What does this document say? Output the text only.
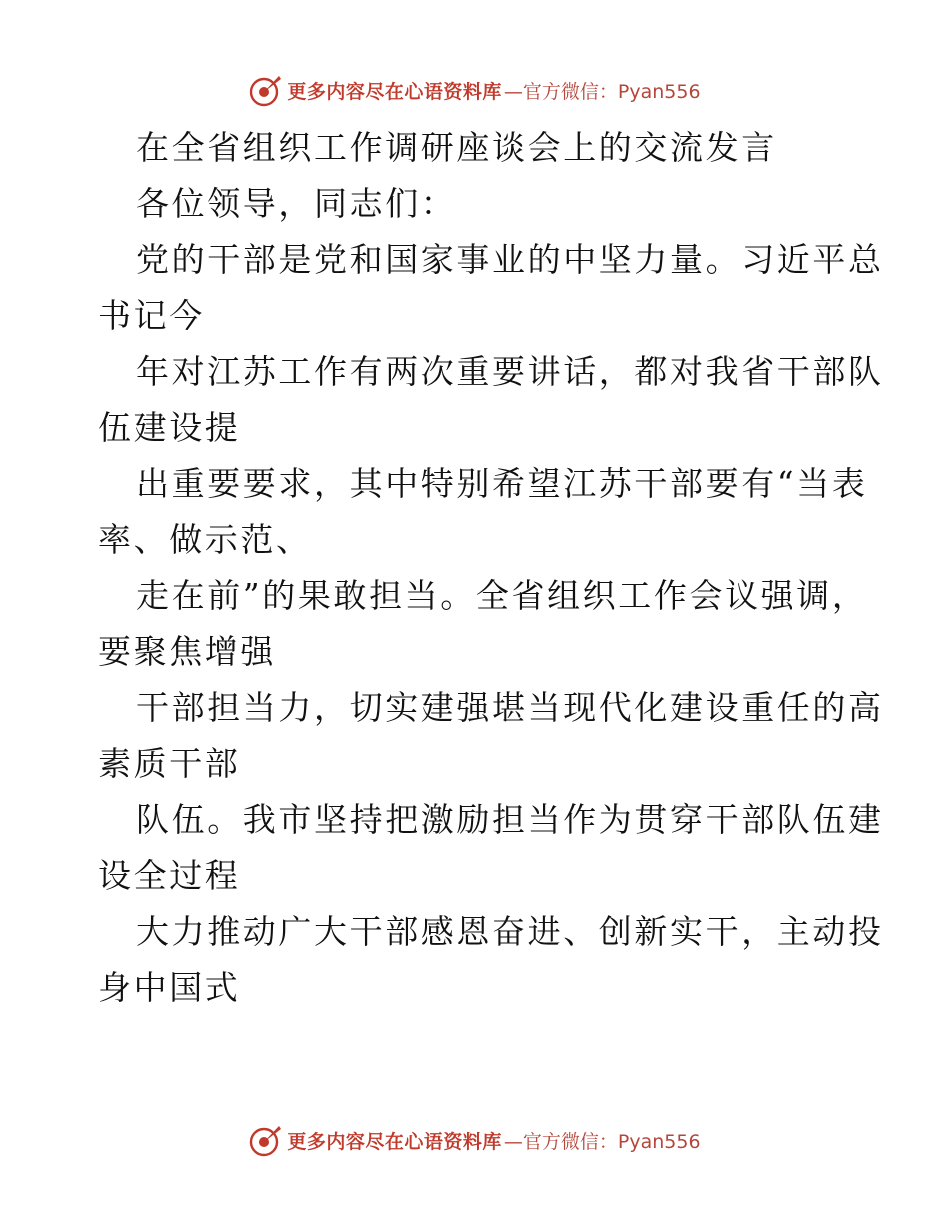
更多内容尽在心语资料库 —官方微信：Pyan556
在全省组织工作调研座谈会上的交流发言
各位领导，同志们：
党的干部是党和国家事业的中坚力量。习近平总
书记今
年对江苏工作有两次重要讲话，都对我省干部队
伍建设提
出重要要求，其中特别希望江苏干部要有“当表
率、做示范、
走在前”的果敢担当。全省组织工作会议强调，
要聚焦增强
干部担当力，切实建强堪当现代化建设重任的高
素质干部
队伍。我市坚持把激励担当作为贯穿干部队伍建
设全过程
大力推动广大干部感恩奋进、创新实干，主动投
身中国式
更多内容尽在心语资料库 —官方微信：Pyan556
